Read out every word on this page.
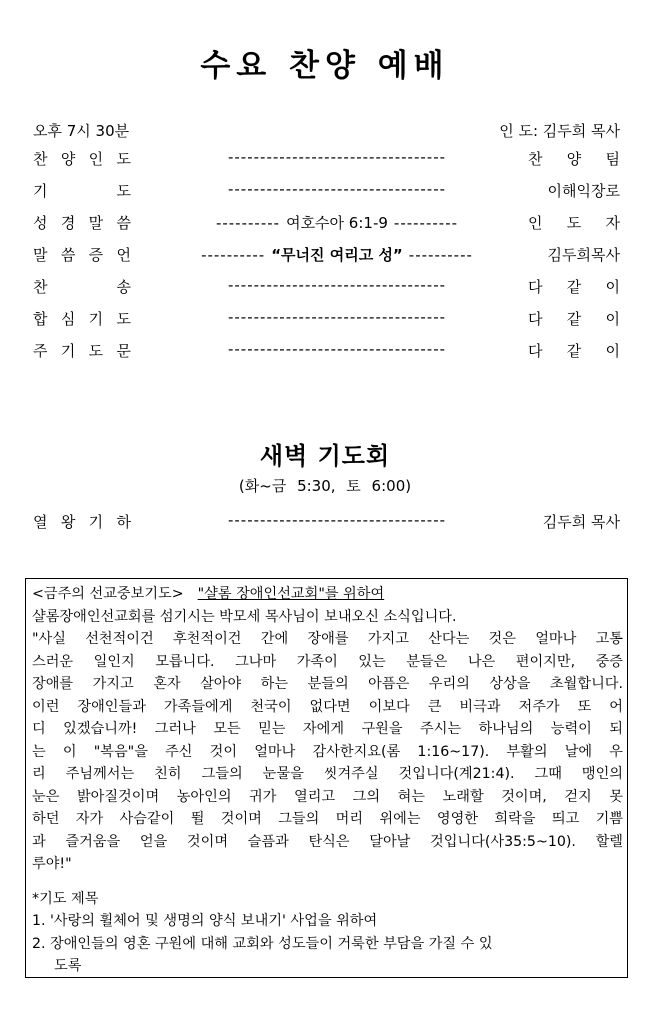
수요 찬양 예배
오후 7시 30분	인 도: 김두희 목사
찬 양 인 도	----------------------------------	찬 양 팀
기	도	----------------------------------	이해익장로
성 경 말 씀	---------- 여호수아 6:1-9 ----------	인 도 자
말 씀 증 언	---------- “무너진 여리고 성” ----------	김두희목사
찬	송	----------------------------------	다 같 이
합 심 기 도	----------------------------------	다 같 이
주 기 도 문	----------------------------------	다 같 이
새벽 기도회
(화~금 5:30, 토 6:00)
열 왕 기 하	----------------------------------	김두희 목사
<금주의 선교중보기도> "샬롬 장애인선교회"를 위하여
샬롬장애인선교회를 섬기시는 박모세 목사님이 보내오신 소식입니다.
"사실 선천적이건 후천적이건 간에 장애를 가지고 산다는 것은 얼마나 고통
스러운 일인지 모릅니다. 그나마 가족이 있는 분들은 나은 편이지만, 중증
장애를 가지고 혼자 살아야 하는 분들의 아픔은 우리의 상상을 초월합니다.
이런 장애인들과 가족들에게 천국이 없다면 이보다 큰 비극과 저주가 또 어
디 있겠습니까! 그러나 모든 믿는 자에게 구원을 주시는 하나님의 능력이 되
는 이 "복음"을 주신 것이 얼마나 감사한지요(롬 1:16~17). 부활의 날에 우
리 주님께서는 친히 그들의 눈물을 씻겨주실 것입니다(계21:4). 그때 맹인의
눈은 밝아질것이며 농아인의 귀가 열리고 그의 혀는 노래할 것이며, 걷지 못
하던 자가 사슴같이 뛸 것이며 그들의 머리 위에는 영영한 희락을 띄고 기쁨
과 즐거움을 얻을 것이며 슬픔과 탄식은 달아날 것입니다(사35:5~10). 할렐
루야!"
*기도 제목
1. '사랑의 휠체어 및 생명의 양식 보내기' 사업을 위하여
2. 장애인들의 영혼 구원에 대해 교회와 성도들이 거룩한 부담을 가질 수 있
도록
